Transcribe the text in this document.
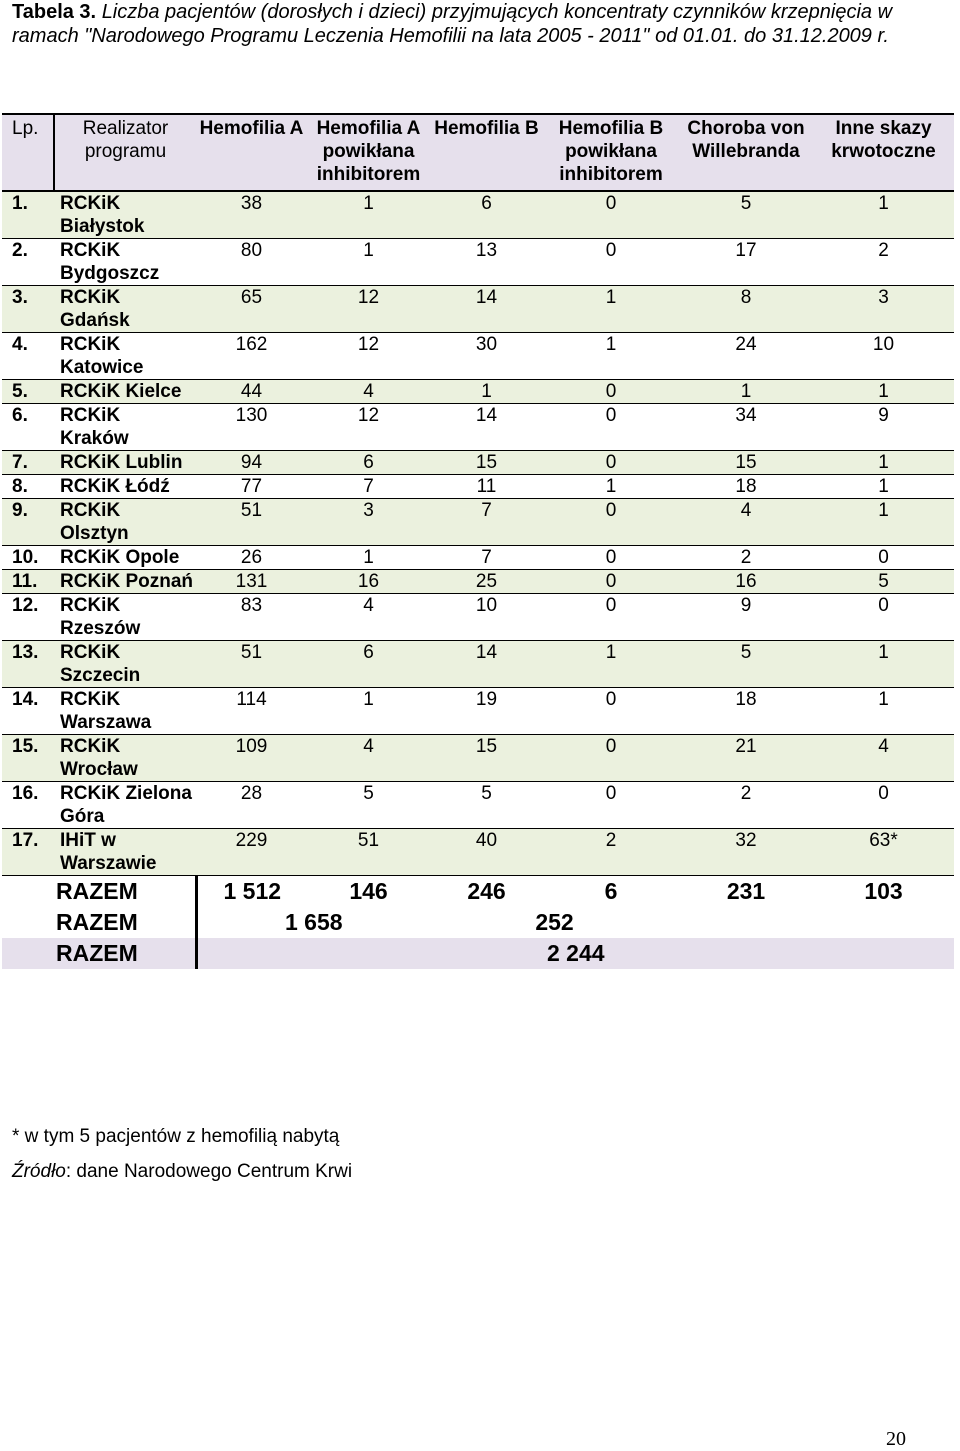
Tabela 3. Liczba pacjentów (dorosłych i dzieci) przyjmujących koncentraty czynników krzepnięcia w ramach "Narodowego Programu Leczenia Hemofilii na lata 2005 - 2011" od 01.01. do 31.12.2009 r.
Lp.	Realizator programu	Hemofilia A	Hemofilia A powikłana inhibitorem	Hemofilia B	Hemofilia B powikłana inhibitorem	Choroba von Willebranda	Inne skazy krwotoczne
1.	RCKiK Białystok	38	1	6	0	5	1
2.	RCKiK Bydgoszcz	80	1	13	0	17	2
3.	RCKiK Gdańsk	65	12	14	1	8	3
4.	RCKiK Katowice	162	12	30	1	24	10
5.	RCKiK Kielce	44	4	1	0	1	1
6.	RCKiK Kraków	130	12	14	0	34	9
7.	RCKiK Lublin	94	6	15	0	15	1
8.	RCKiK Łódź	77	7	11	1	18	1
9.	RCKiK Olsztyn	51	3	7	0	4	1
10.	RCKiK Opole	26	1	7	0	2	0
11.	RCKiK Poznań	131	16	25	0	16	5
12.	RCKiK Rzeszów	83	4	10	0	9	0
13.	RCKiK Szczecin	51	6	14	1	5	1
14.	RCKiK Warszawa	114	1	19	0	18	1
15.	RCKiK Wrocław	109	4	15	0	21	4
16.	RCKiK Zielona Góra	28	5	5	0	2	0
17.	IHiT w Warszawie	229	51	40	2	32	63*
RAZEM		1 512	146	246	6	231	103
RAZEM		1 658		252			
RAZEM		2 244					
* w tym 5 pacjentów z hemofilią nabytą
Źródło: dane Narodowego Centrum Krwi
20
